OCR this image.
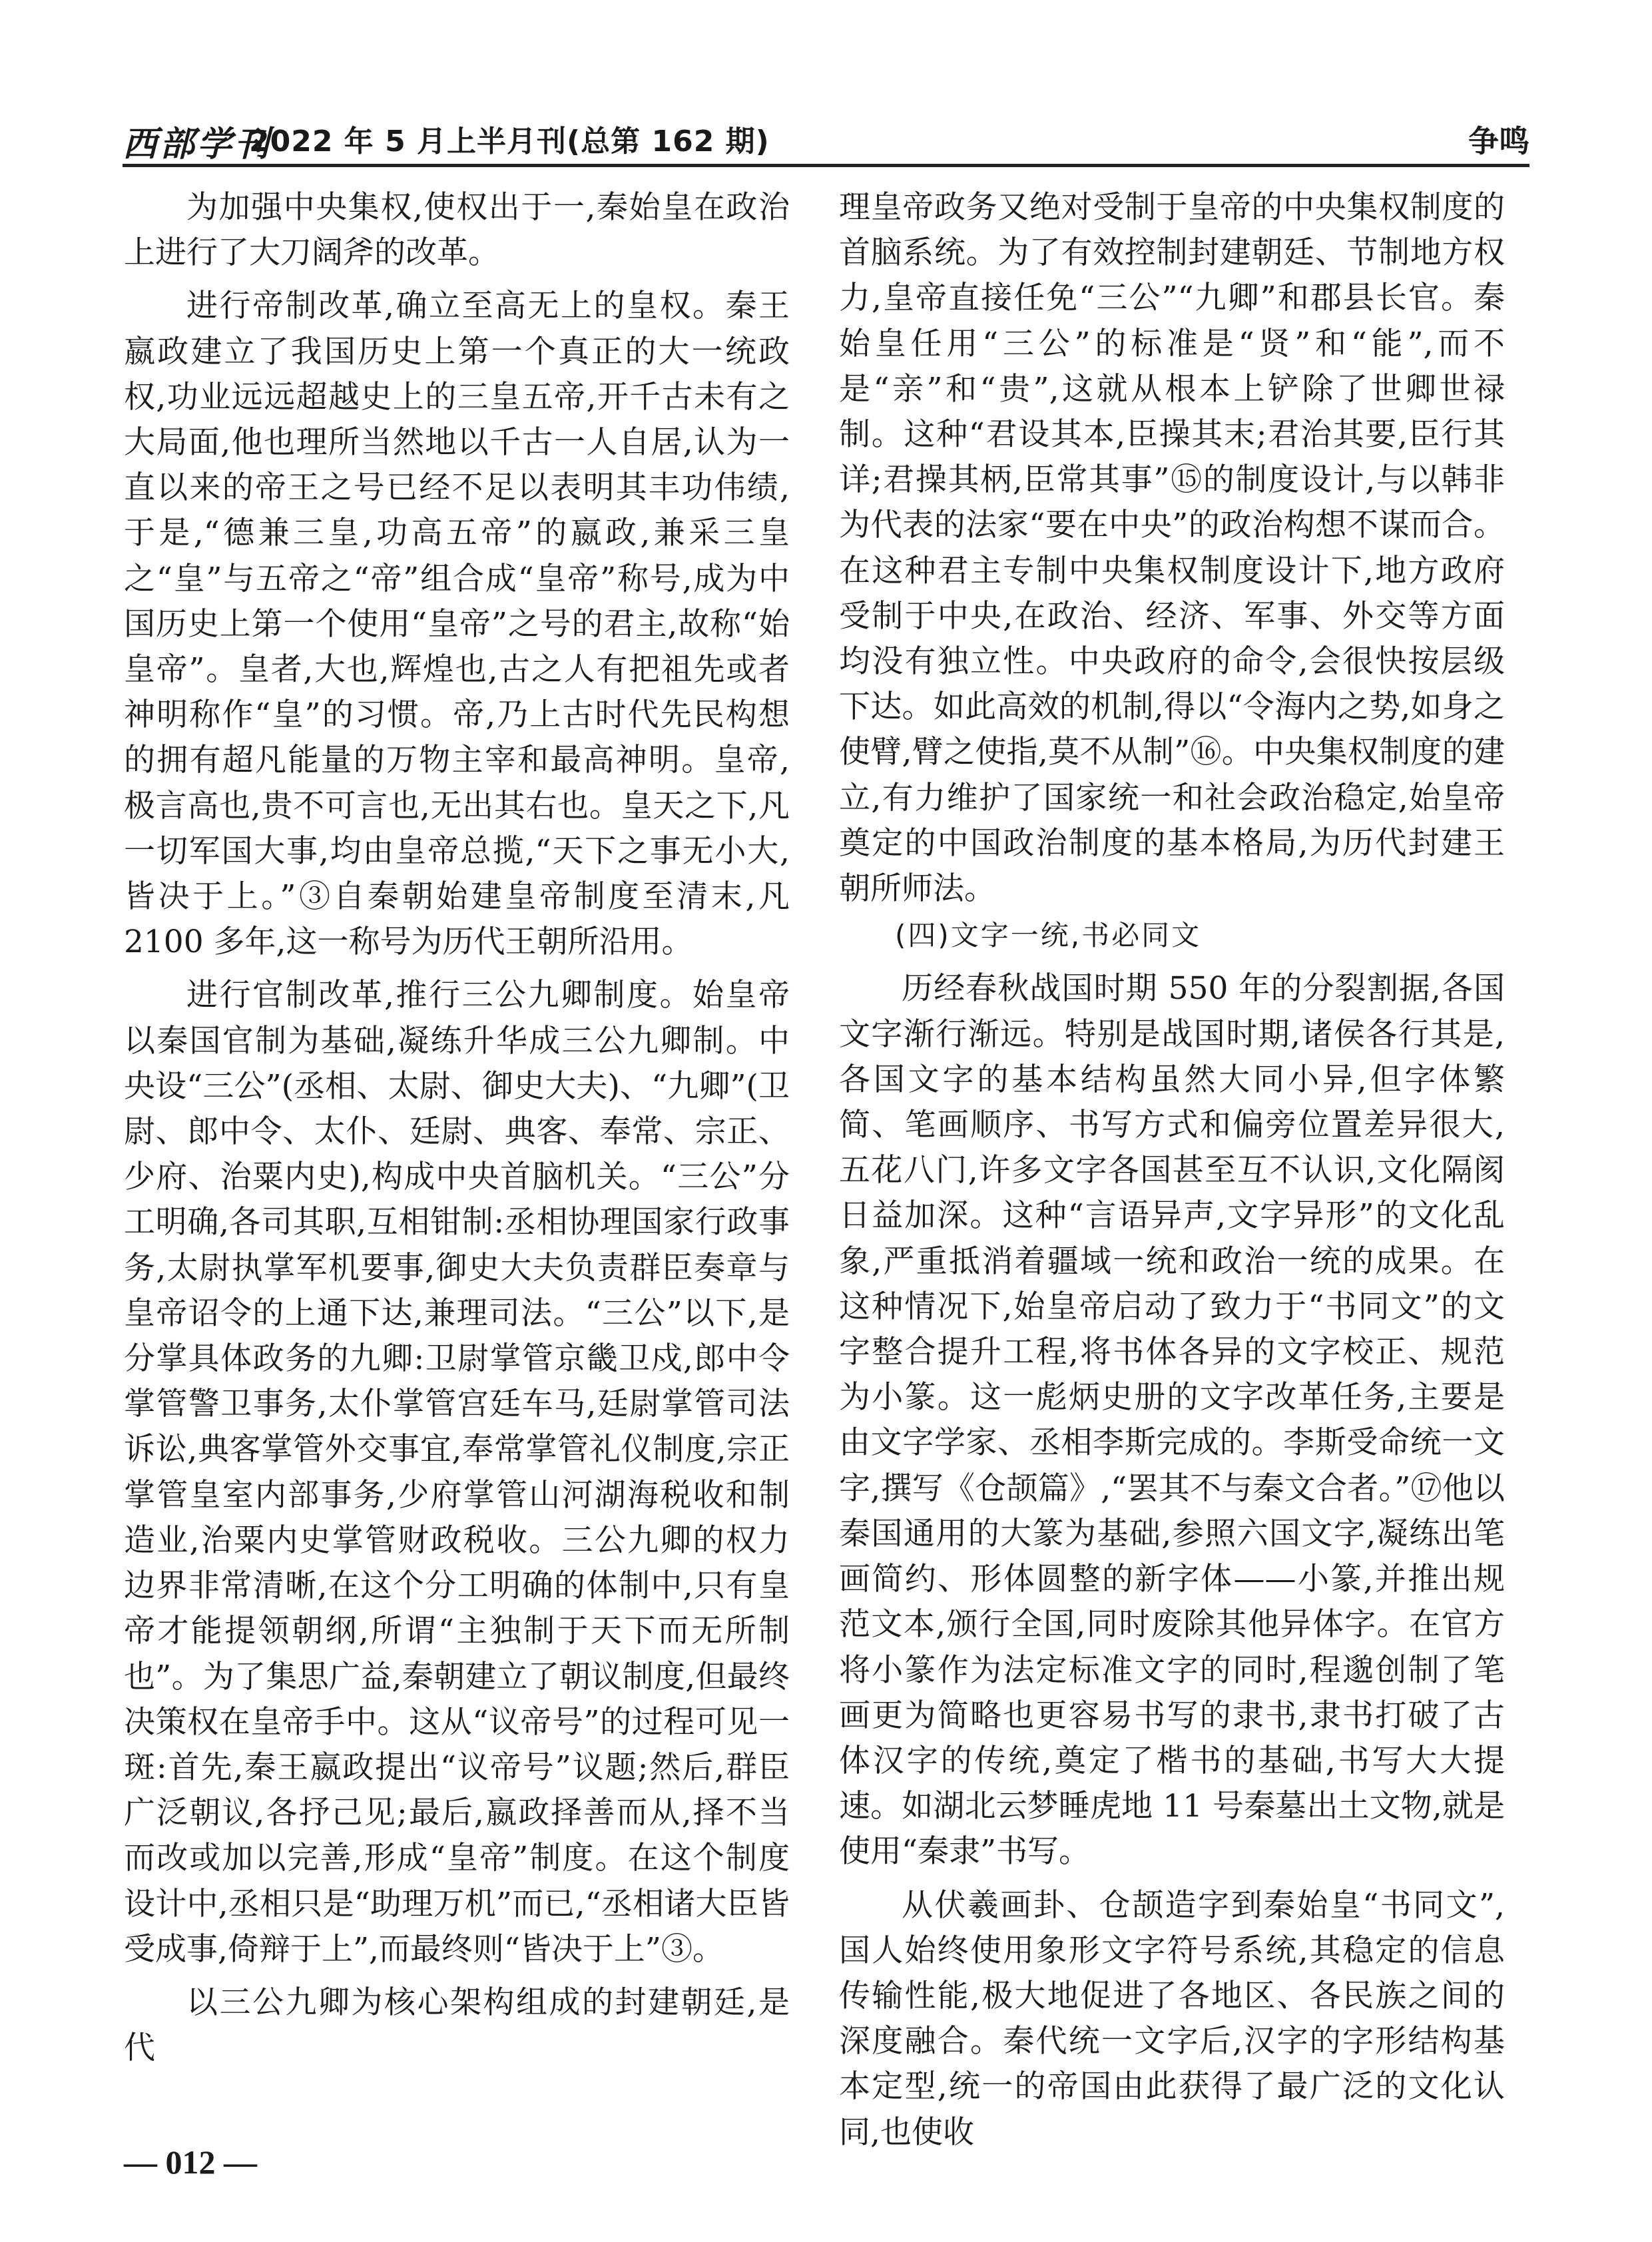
西部学刊
2022 年 5 月上半月刊(总第 162 期)	争鸣

为加强中央集权,使权出于一,秦始皇在政治上进行了大刀阔斧的改革。

进行帝制改革,确立至高无上的皇权。秦王嬴政建立了我国历史上第一个真正的大一统政权,功业远远超越史上的三皇五帝,开千古未有之大局面,他也理所当然地以千古一人自居,认为一直以来的帝王之号已经不足以表明其丰功伟绩,于是,“德兼三皇,功高五帝”的嬴政,兼采三皇之“皇”与五帝之“帝”组合成“皇帝”称号,成为中国历史上第一个使用“皇帝”之号的君主,故称“始皇帝”。皇者,大也,辉煌也,古之人有把祖先或者神明称作“皇”的习惯。帝,乃上古时代先民构想的拥有超凡能量的万物主宰和最高神明。皇帝,极言高也,贵不可言也,无出其右也。皇天之下,凡一切军国大事,均由皇帝总揽,“天下之事无小大,皆决于上。”③自秦朝始建皇帝制度至清末,凡 2100 多年,这一称号为历代王朝所沿用。

进行官制改革,推行三公九卿制度。始皇帝以秦国官制为基础,凝练升华成三公九卿制。中央设“三公”(丞相、太尉、御史大夫)、“九卿”(卫尉、郎中令、太仆、廷尉、典客、奉常、宗正、少府、治粟内史),构成中央首脑机关。“三公”分工明确,各司其职,互相钳制:丞相协理国家行政事务,太尉执掌军机要事,御史大夫负责群臣奏章与皇帝诏令的上通下达,兼理司法。“三公”以下,是分掌具体政务的九卿:卫尉掌管京畿卫戍,郎中令掌管警卫事务,太仆掌管宫廷车马,廷尉掌管司法诉讼,典客掌管外交事宜,奉常掌管礼仪制度,宗正掌管皇室内部事务,少府掌管山河湖海税收和制造业,治粟内史掌管财政税收。三公九卿的权力边界非常清晰,在这个分工明确的体制中,只有皇帝才能提领朝纲,所谓“主独制于天下而无所制也”。为了集思广益,秦朝建立了朝议制度,但最终决策权在皇帝手中。这从“议帝号”的过程可见一斑:首先,秦王嬴政提出“议帝号”议题;然后,群臣广泛朝议,各抒己见;最后,嬴政择善而从,择不当而改或加以完善,形成“皇帝”制度。在这个制度设计中,丞相只是“助理万机”而已,“丞相诸大臣皆受成事,倚辩于上”,而最终则“皆决于上”③。

以三公九卿为核心架构组成的封建朝廷,是代

理皇帝政务又绝对受制于皇帝的中央集权制度的首脑系统。为了有效控制封建朝廷、节制地方权力,皇帝直接任免“三公”“九卿”和郡县长官。秦始皇任用“三公”的标准是“贤”和“能”,而不是“亲”和“贵”,这就从根本上铲除了世卿世禄制。这种“君设其本,臣操其末;君治其要,臣行其详;君操其柄,臣常其事”⑮的制度设计,与以韩非为代表的法家“要在中央”的政治构想不谋而合。在这种君主专制中央集权制度设计下,地方政府受制于中央,在政治、经济、军事、外交等方面均没有独立性。中央政府的命令,会很快按层级下达。如此高效的机制,得以“令海内之势,如身之使臂,臂之使指,莫不从制”⑯。中央集权制度的建立,有力维护了国家统一和社会政治稳定,始皇帝奠定的中国政治制度的基本格局,为历代封建王朝所师法。

(四)文字一统,书必同文

历经春秋战国时期 550 年的分裂割据,各国文字渐行渐远。特别是战国时期,诸侯各行其是,各国文字的基本结构虽然大同小异,但字体繁简、笔画顺序、书写方式和偏旁位置差异很大,五花八门,许多文字各国甚至互不认识,文化隔阂日益加深。这种“言语异声,文字异形”的文化乱象,严重抵消着疆域一统和政治一统的成果。在这种情况下,始皇帝启动了致力于“书同文”的文字整合提升工程,将书体各异的文字校正、规范为小篆。这一彪炳史册的文字改革任务,主要是由文字学家、丞相李斯完成的。李斯受命统一文字,撰写《仓颉篇》,“罢其不与秦文合者。”⑰他以秦国通用的大篆为基础,参照六国文字,凝练出笔画简约、形体圆整的新字体——小篆,并推出规范文本,颁行全国,同时废除其他异体字。在官方将小篆作为法定标准文字的同时,程邈创制了笔画更为简略也更容易书写的隶书,隶书打破了古体汉字的传统,奠定了楷书的基础,书写大大提速。如湖北云梦睡虎地 11 号秦墓出土文物,就是使用“秦隶”书写。

从伏羲画卦、仓颉造字到秦始皇“书同文”,国人始终使用象形文字符号系统,其稳定的信息传输性能,极大地促进了各地区、各民族之间的深度融合。秦代统一文字后,汉字的字形结构基本定型,统一的帝国由此获得了最广泛的文化认同,也使收

— 012 —
